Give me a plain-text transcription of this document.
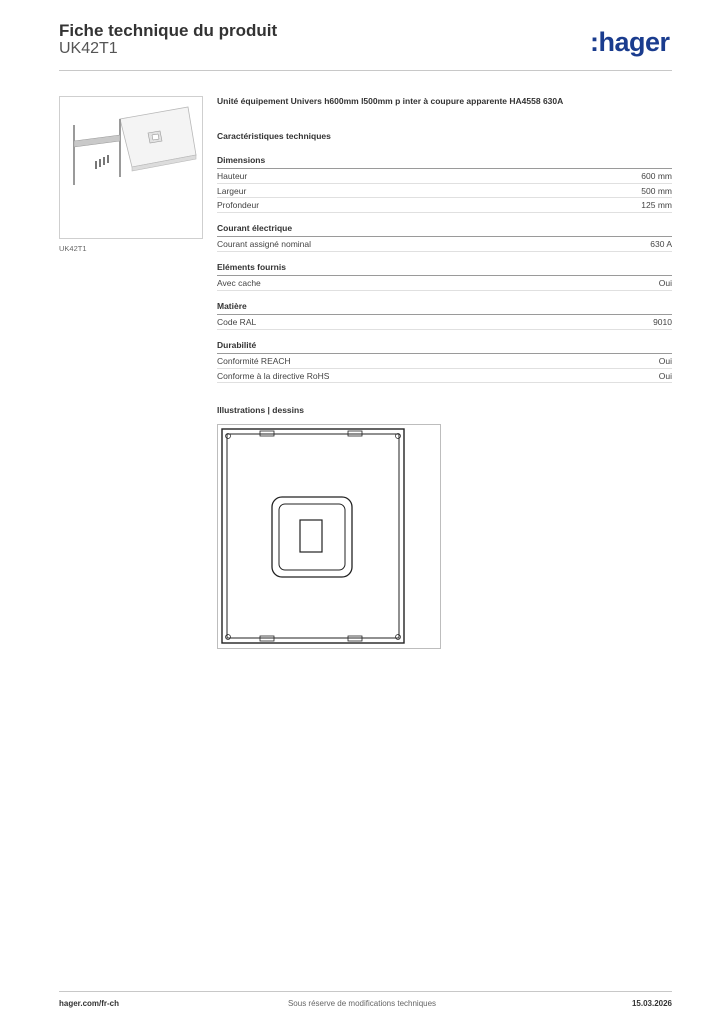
Fiche technique du produit
UK42T1	:hager
UK42T1
Unité équipement Univers h600mm l500mm p inter à coupure apparente HA4558 630A
Caractéristiques techniques
Dimensions
Hauteur	600 mm
Largeur	500 mm
Profondeur	125 mm
Courant électrique
Courant assigné nominal	630 A
Eléments fournis
Avec cache	Oui
Matière
Code RAL	9010
Durabilité
Conformité REACH	Oui
Conforme à la directive RoHS	Oui
Illustrations | dessins
hager.com/fr-ch	Sous réserve de modifications techniques	15.03.2026
